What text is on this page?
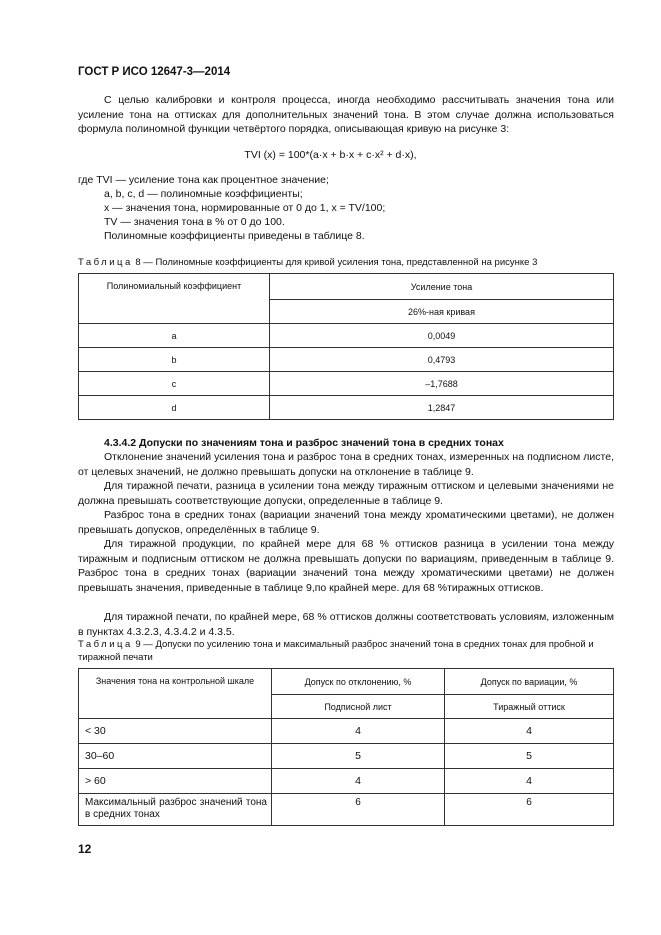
ГОСТ Р ИСО 12647-3—2014
С целью калибровки и контроля процесса, иногда необходимо рассчитывать значения тона или усиление тона на оттисках для дополнительных значений тона. В этом случае должна использоваться формула полиномной функции четвёртого порядка, описывающая кривую на рисунке 3:
TVI (x) = 100*(a·x + b·x + c·x² + d·x),
где TVI — усиление тона как процентное значение;
a, b, c, d — полиномные коэффициенты;
x — значения тона, нормированные от 0 до 1, x = TV/100;
TV — значения тона в % от 0 до 100.
Полиномные коэффициенты приведены в таблице 8.
Таблица 8 — Полиномные коэффициенты для кривой усиления тона, представленной на рисунке 3
Полиномиальный коэффициент	Усиление тона
	26%-ная кривая
a	0,0049
b	0,4793
c	–1,7688
d	1,2847
4.3.4.2 Допуски по значениям тона и разброс значений тона в средних тонах
Отклонение значений усиления тона и разброс тона в средних тонах, измеренных на подписном листе, от целевых значений, не должно превышать допуски на отклонение в таблице 9.
Для тиражной печати, разница в усилении тона между тиражным оттиском и целевыми значениями не должна превышать соответствующие допуски, определенные в таблице 9.
Разброс тона в средних тонах (вариации значений тона между хроматическими цветами), не должен превышать допусков, определённых в таблице 9.
Для тиражной продукции, по крайней мере для 68 % оттисков разница в усилении тона между тиражным и подписным оттиском не должна превышать допуски по вариациям, приведенным в таблице 9. Разброс тона в средних тонах (вариации значений тона между хроматическими цветами) не должен превышать значения, приведенные в таблице 9,по крайней мере. для 68 %тиражных оттисков.
Для тиражной печати, по крайней мере, 68 % оттисков должны соответствовать условиям, изложенным в пунктах 4.3.2.3, 4.3.4.2 и 4.3.5.
Таблица 9 — Допуски по усилению тона и максимальный разброс значений тона в средних тонах для пробной и тиражной печати
Значения тона на контрольной шкале	Допуск по отклонению, %	Допуск по вариации, %
	Подписной лист	Тиражный оттиск
< 30	4	4
30–60	5	5
> 60	4	4
Максимальный разброс значений тона в средних тонах	6	6
12
